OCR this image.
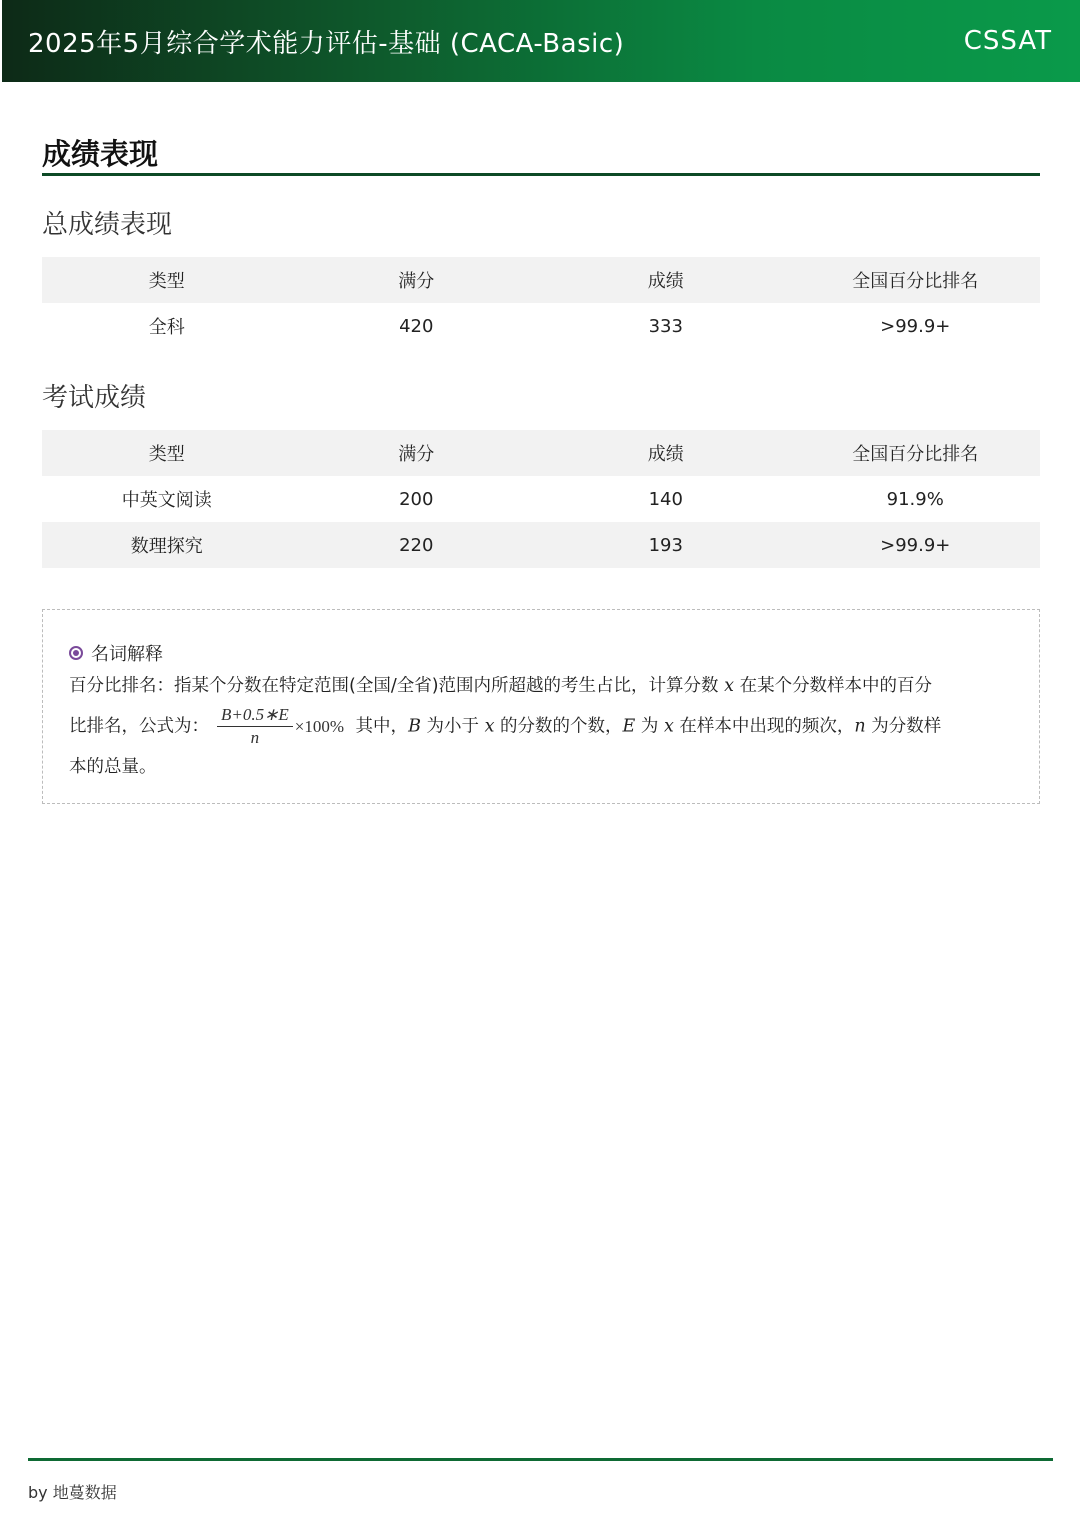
2025年5月综合学术能力评估-基础 (CACA-Basic)	CSSAT
成绩表现
总成绩表现
类型	满分	成绩	全国百分比排名
全科	420	333	>99.9+
考试成绩
类型	满分	成绩	全国百分比排名
中英文阅读	200	140	91.9%
数理探究	220	193	>99.9+
名词解释
百分比排名：指某个分数在特定范围(全国/全省)范围内所超越的考生占比，计算分数 x 在某个分数样本中的百分
比排名，公式为： $\frac{B+0.5∗E}{n} \times 100\%$ 其中，B 为小于 x 的分数的个数，E 为 x 在样本中出现的频次，n 为分数样
本的总量。
by 地蔓数据
